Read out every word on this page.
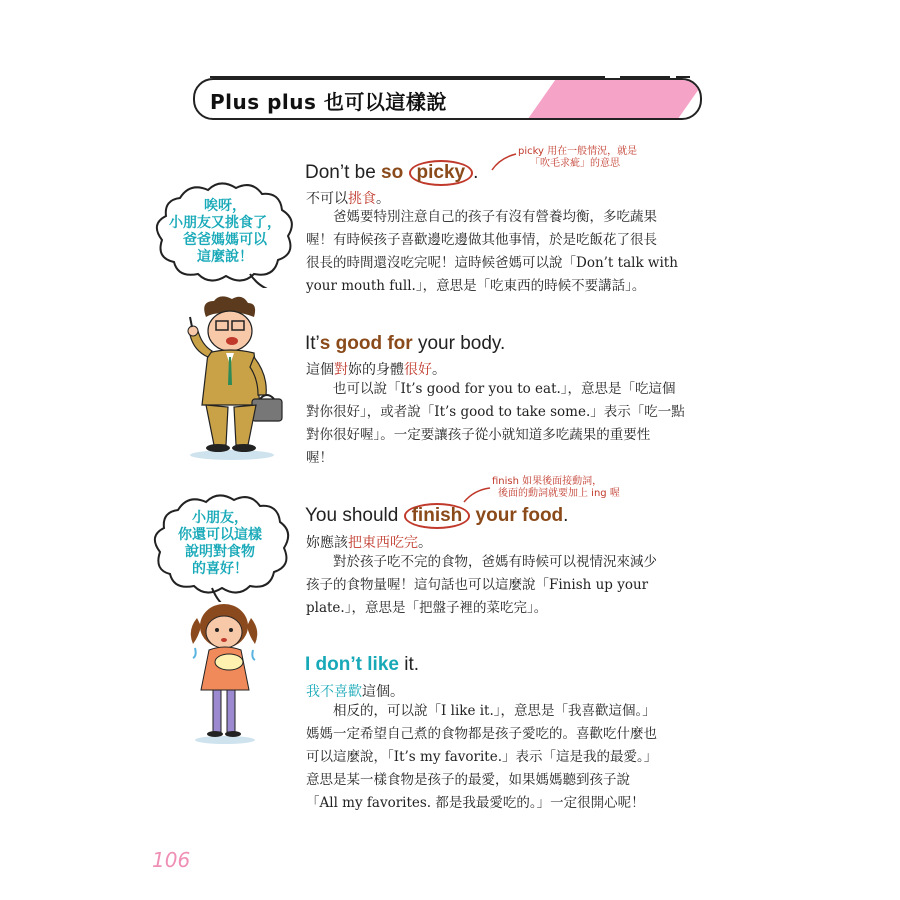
Plus plus 也可以這樣說
Don’t be so picky .
picky 用在一般情況，就是
「吹毛求疵」的意思
不可以挑食。
　　爸媽要特別注意自己的孩子有沒有營養均衡，多吃蔬果
喔！有時候孩子喜歡邊吃邊做其他事情，於是吃飯花了很長
很長的時間還沒吃完呢！這時候爸媽可以說「Don’t talk with
your mouth full.」，意思是「吃東西的時候不要講話」。
It’s good for your body.
這個對妳的身體很好。
　　也可以說「It’s good for you to eat.」，意思是「吃這個
對你很好」，或者說「It’s good to take some.」表示「吃一點
對你很好喔」。一定要讓孩子從小就知道多吃蔬果的重要性
喔！
finish 如果後面接動詞，
後面的動詞就要加上 ing 喔
You should finish your food.
妳應該把東西吃完。
　　對於孩子吃不完的食物，爸媽有時候可以視情況來減少
孩子的食物量喔！這句話也可以這麼說「Finish up your
plate.」，意思是「把盤子裡的菜吃完」。
I don’t like it.
我不喜歡這個。
　　相反的，可以說「I like it.」，意思是「我喜歡這個。」
媽媽一定希望自己煮的食物都是孩子愛吃的。喜歡吃什麼也
可以這麼說，「It’s my favorite.」表示「這是我的最愛。」
意思是某一樣食物是孩子的最愛，如果媽媽聽到孩子說
「All my favorites. 都是我最愛吃的。」一定很開心呢！
唉呀，
小朋友又挑食了，
爸爸媽媽可以
這麼說！
小朋友，
你還可以這樣
說明對食物
的喜好！
106
